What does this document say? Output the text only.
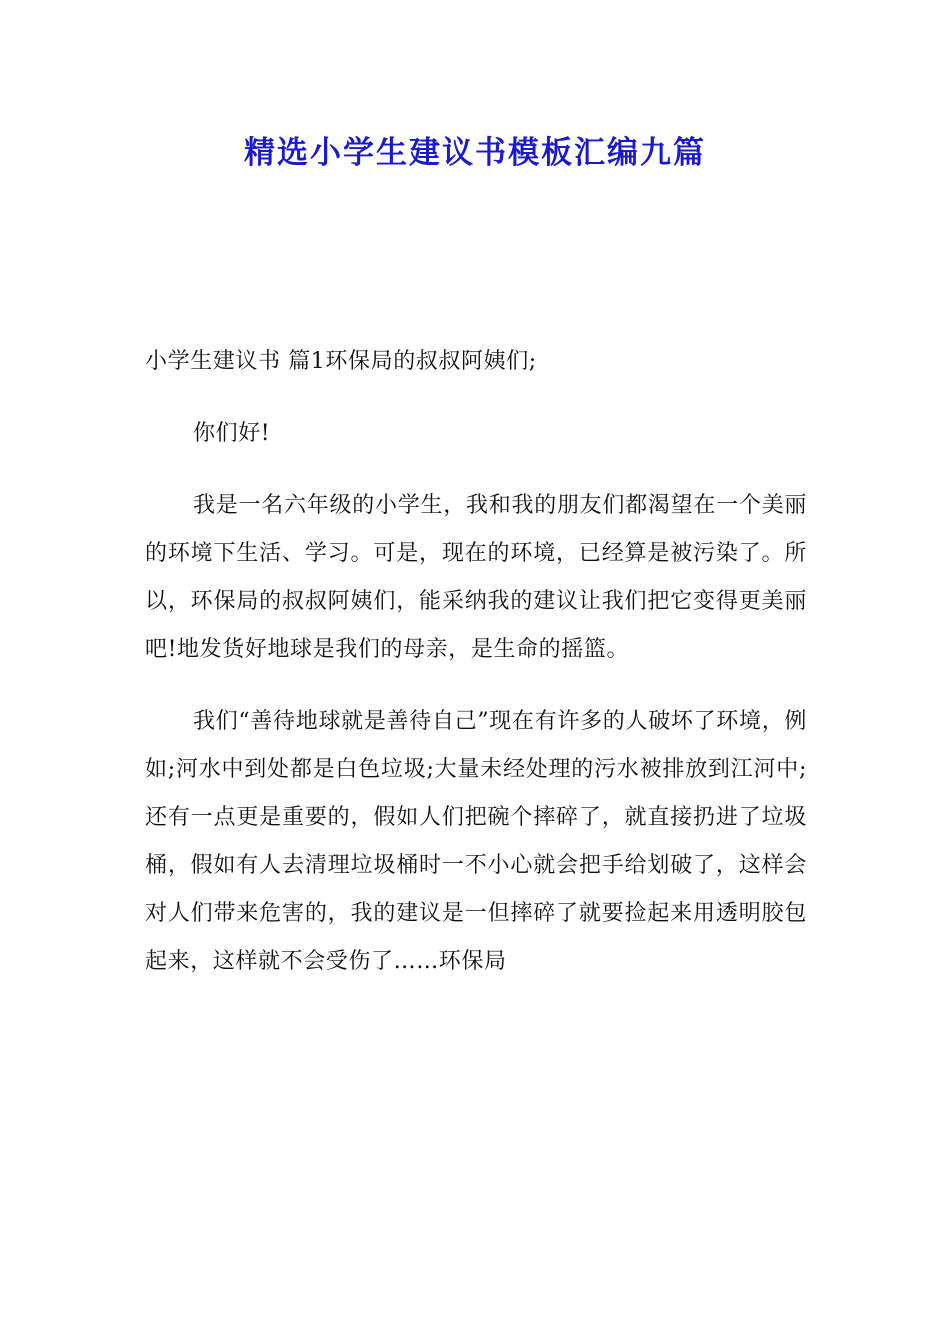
精选小学生建议书模板汇编九篇

小学生建议书 篇1环保局的叔叔阿姨们;

你们好!

我是一名六年级的小学生，我和我的朋友们都渴望在一个美丽的环境下生活、学习。可是，现在的环境，已经算是被污染了。所以，环保局的叔叔阿姨们，能采纳我的建议让我们把它变得更美丽吧!地发货好地球是我们的母亲，是生命的摇篮。

我们“善待地球就是善待自己”现在有许多的人破坏了环境，例如;河水中到处都是白色垃圾;大量未经处理的污水被排放到江河中;还有一点更是重要的，假如人们把碗个摔碎了，就直接扔进了垃圾桶，假如有人去清理垃圾桶时一不小心就会把手给划破了，这样会对人们带来危害的，我的建议是一但摔碎了就要捡起来用透明胶包起来，这样就不会受伤了……环保局
